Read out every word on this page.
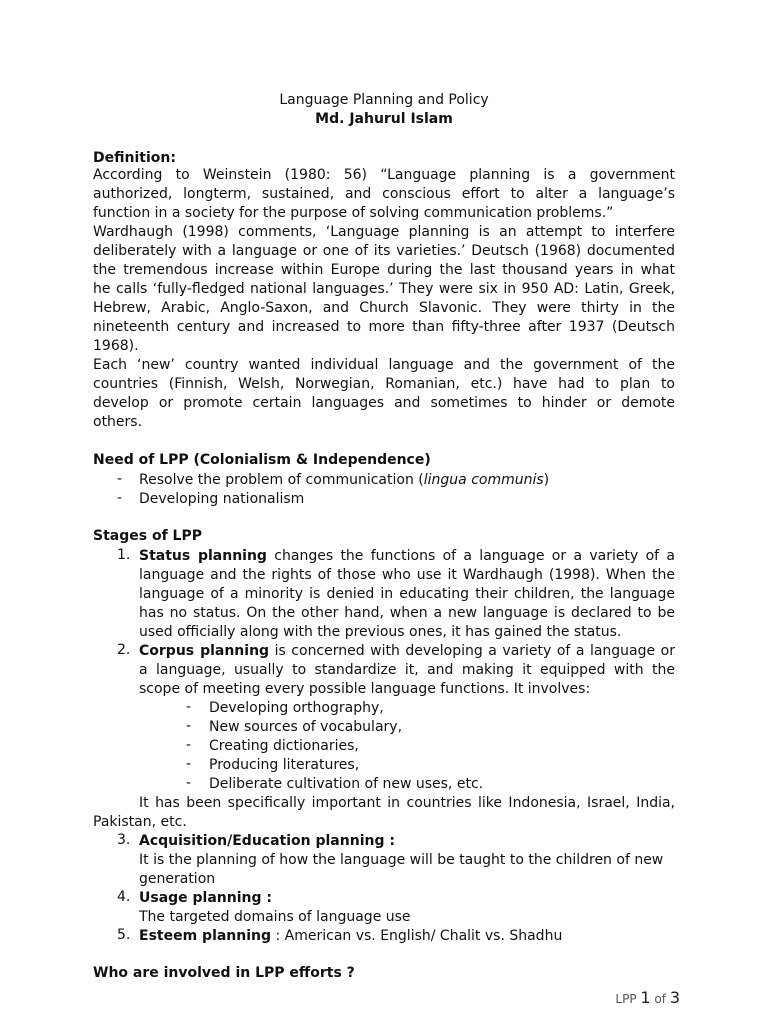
Language Planning and Policy
Md. Jahurul Islam
Definition:
According to Weinstein (1980: 56) “Language planning is a government
authorized, longterm, sustained, and conscious effort to alter a language’s
function in a society for the purpose of solving communication problems.”
Wardhaugh (1998) comments, ‘Language planning is an attempt to interfere
deliberately with a language or one of its varieties.’ Deutsch (1968) documented
the tremendous increase within Europe during the last thousand years in what
he calls ‘fully-fledged national languages.’ They were six in 950 AD: Latin, Greek,
Hebrew, Arabic, Anglo-Saxon, and Church Slavonic. They were thirty in the
nineteenth century and increased to more than fifty-three after 1937 (Deutsch
1968).
Each ‘new’ country wanted individual language and the government of the
countries (Finnish, Welsh, Norwegian, Romanian, etc.) have had to plan to
develop or promote certain languages and sometimes to hinder or demote
others.
Need of LPP (Colonialism & Independence)
- Resolve the problem of communication (lingua communis)
- Developing nationalism
Stages of LPP
1. Status planning changes the functions of a language or a variety of a
language and the rights of those who use it Wardhaugh (1998). When the
language of a minority is denied in educating their children, the language
has no status. On the other hand, when a new language is declared to be
used officially along with the previous ones, it has gained the status.
2. Corpus planning is concerned with developing a variety of a language or
a language, usually to standardize it, and making it equipped with the
scope of meeting every possible language functions. It involves:
- Developing orthography,
- New sources of vocabulary,
- Creating dictionaries,
- Producing literatures,
- Deliberate cultivation of new uses, etc.
It has been specifically important in countries like Indonesia, Israel, India,
Pakistan, etc.
3. Acquisition/Education planning :
It is the planning of how the language will be taught to the children of new
generation
4. Usage planning :
The targeted domains of language use
5. Esteem planning : American vs. English/ Chalit vs. Shadhu
Who are involved in LPP efforts ?
LPP 1 of 3
